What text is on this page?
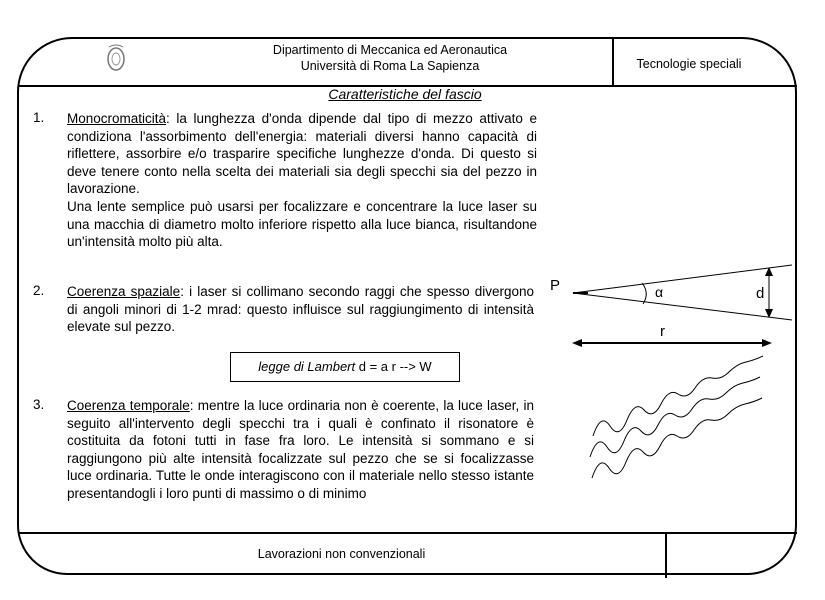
Dipartimento di Meccanica ed Aeronautica
Università di Roma La Sapienza	Tecnologie speciali
Caratteristiche del fascio
1. Monocromaticità: la lunghezza d'onda dipende dal tipo di mezzo attivato e condiziona l'assorbimento dell'energia: materiali diversi hanno capacità di riflettere, assorbire e/o trasparire specifiche lunghezze d'onda. Di questo si deve tenere conto nella scelta dei materiali sia degli specchi sia del pezzo in lavorazione.
Una lente semplice può usarsi per focalizzare e concentrare la luce laser su una macchia di diametro molto inferiore rispetto alla luce bianca, risultandone un'intensità molto più alta.
2. Coerenza spaziale: i laser si collimano secondo raggi che spesso divergono di angoli minori di 1-2 mrad: questo influisce sul raggiungimento di intensità elevate sul pezzo.
legge di Lambert d = a r --> W
3. Coerenza temporale: mentre la luce ordinaria non è coerente, la luce laser, in seguito all'intervento degli specchi tra i quali è confinato il risonatore è costituita da fotoni tutti in fase fra loro. Le intensità si sommano e si raggiungono più alte intensità focalizzate sul pezzo che se si focalizzasse luce ordinaria. Tutte le onde interagiscono con il materiale nello stesso istante presentandogli i loro punti di massimo o di minimo
P	α	d
r
Lavorazioni non convenzionali
